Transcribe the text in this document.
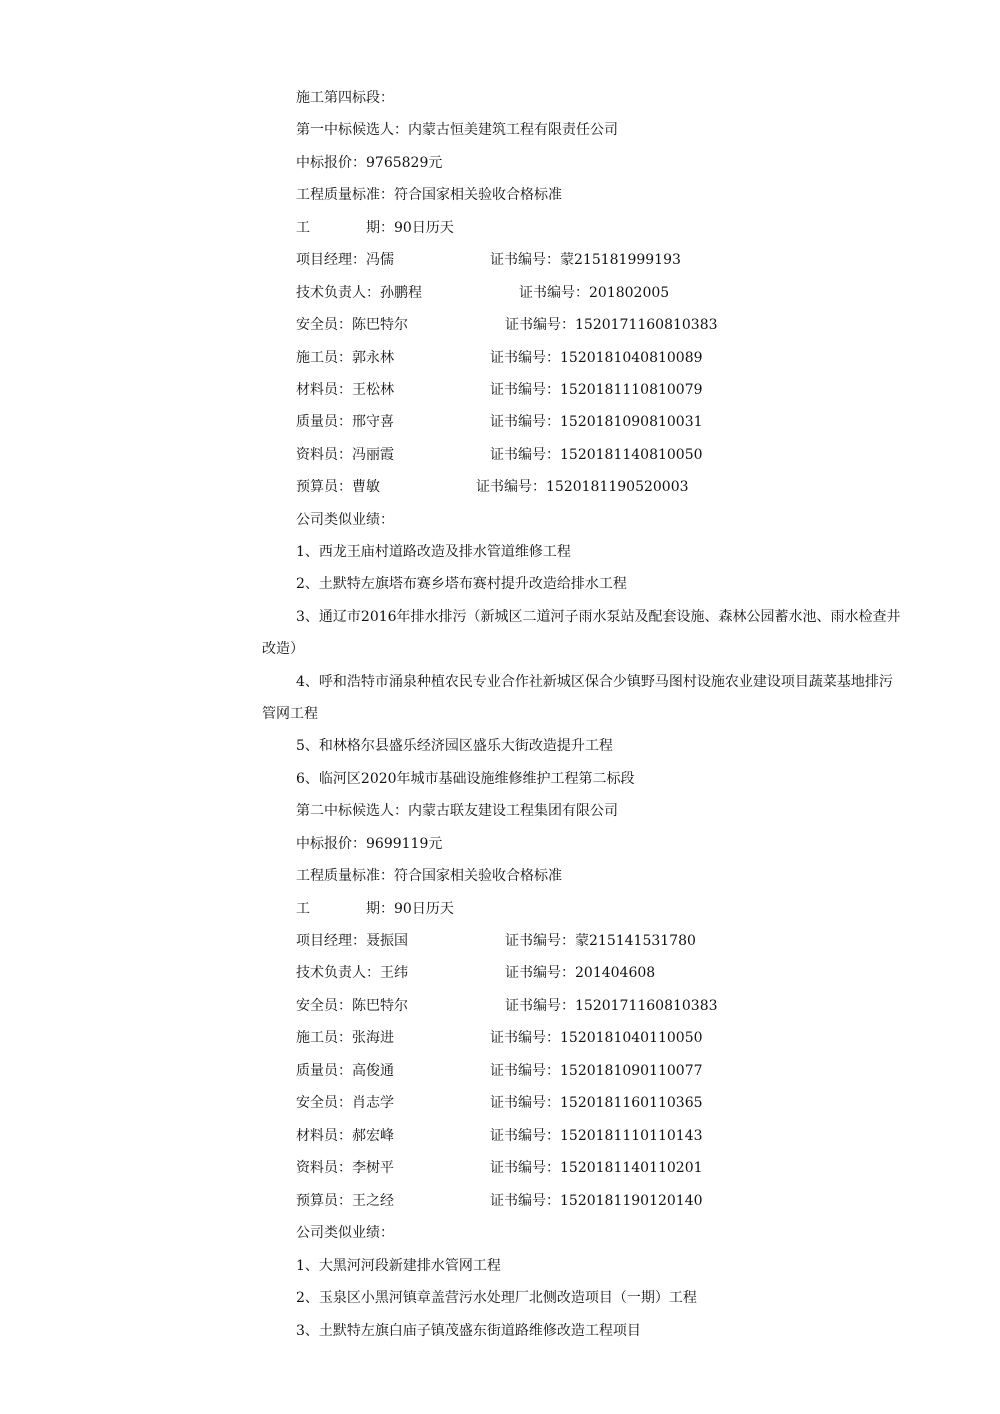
施工第四标段：
第一中标候选人：内蒙古恒美建筑工程有限责任公司
中标报价：9765829元
工程质量标准：符合国家相关验收合格标准
工	期：90日历天
项目经理：冯儒	证书编号：蒙215181999193
技术负责人：孙鹏程	证书编号：201802005
安全员：陈巴特尔	证书编号：1520171160810383
施工员：郭永林	证书编号：1520181040810089
材料员：王松林	证书编号：1520181110810079
质量员：邢守喜	证书编号：1520181090810031
资料员：冯丽霞	证书编号：1520181140810050
预算员：曹敏	证书编号：1520181190520003
公司类似业绩：
1、西龙王庙村道路改造及排水管道维修工程
2、土默特左旗塔布赛乡塔布赛村提升改造给排水工程
3、通辽市2016年排水排污（新城区二道河子雨水泵站及配套设施、森林公园蓄水池、雨水检查井
改造）
4、呼和浩特市涌泉种植农民专业合作社新城区保合少镇野马图村设施农业建设项目蔬菜基地排污
管网工程
5、和林格尔县盛乐经济园区盛乐大街改造提升工程
6、临河区2020年城市基础设施维修维护工程第二标段
第二中标候选人：内蒙古联友建设工程集团有限公司
中标报价：9699119元
工程质量标准：符合国家相关验收合格标准
工	期：90日历天
项目经理：聂振国	证书编号：蒙215141531780
技术负责人：王纬	证书编号：201404608
安全员：陈巴特尔	证书编号：1520171160810383
施工员：张海进	证书编号：1520181040110050
质量员：高俊通	证书编号：1520181090110077
安全员：肖志学	证书编号：1520181160110365
材料员：郝宏峰	证书编号：1520181110110143
资料员：李树平	证书编号：1520181140110201
预算员：王之经	证书编号：1520181190120140
公司类似业绩：
1、大黑河河段新建排水管网工程
2、玉泉区小黑河镇章盖营污水处理厂北侧改造项目（一期）工程
3、土默特左旗白庙子镇茂盛东街道路维修改造工程项目
